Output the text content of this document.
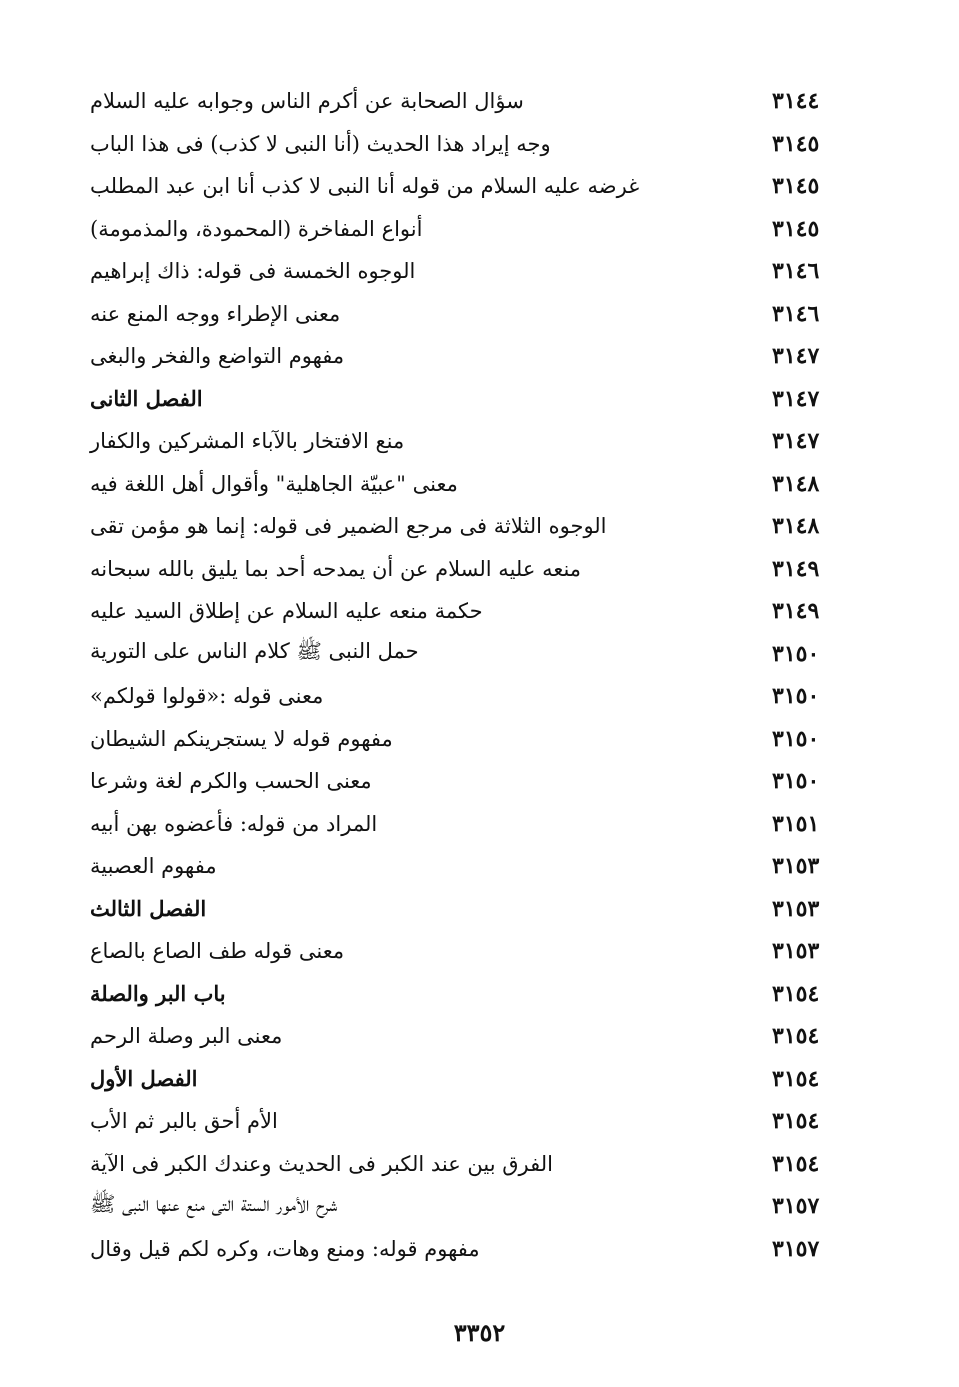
سؤال الصحابة عن أكرم الناس وجوابه عليه السلام	٣١٤٤
وجه إيراد هذا الحديث (أنا النبى لا كذب) فى هذا الباب	٣١٤٥
غرضه عليه السلام من قوله أنا النبى لا كذب أنا ابن عبد المطلب	٣١٤٥
أنواع المفاخرة (المحمودة، والمذمومة)	٣١٤٥
الوجوه الخمسة فى قوله: ذاك إبراهيم	٣١٤٦
معنى الإطراء ووجه المنع عنه	٣١٤٦
مفهوم التواضع والفخر والبغى	٣١٤٧
الفصل الثانى	٣١٤٧
منع الافتخار بالآباء المشركين والكفار	٣١٤٧
معنى "عبيّة الجاهلية" وأقوال أهل اللغة فيه	٣١٤٨
الوجوه الثلاثة فى مرجع الضمير فى قوله: إنما هو مؤمن تقى	٣١٤٨
منعه عليه السلام عن أن يمدحه أحد بما يليق بالله سبحانه	٣١٤٩
حكمة منعه عليه السلام عن إطلاق السيد عليه	٣١٤٩
حمل النبى ﷺ كلام الناس على التورية	٣١٥٠
معنى قوله :«قولوا قولكم»	٣١٥٠
مفهوم قوله لا يستجرينكم الشيطان	٣١٥٠
معنى الحسب والكرم لغة وشرعا	٣١٥٠
المراد من قوله: فأعضوه بهن أبيه	٣١٥١
مفهوم العصبية	٣١٥٣
الفصل الثالث	٣١٥٣
معنى قوله طف الصاع بالصاع	٣١٥٣
باب البر والصلة	٣١٥٤
معنى البر وصلة الرحم	٣١٥٤
الفصل الأول	٣١٥٤
الأم أحق بالبر ثم الأب	٣١٥٤
الفرق بين عند الكبر فى الحديث وعندك الكبر فى الآية	٣١٥٤
شرح الأمور الستة التى منع عنها النبى ﷺ	٣١٥٧
مفهوم قوله: ومنع وهات، وكره لكم قيل وقال	٣١٥٧
٣٣٥٢
